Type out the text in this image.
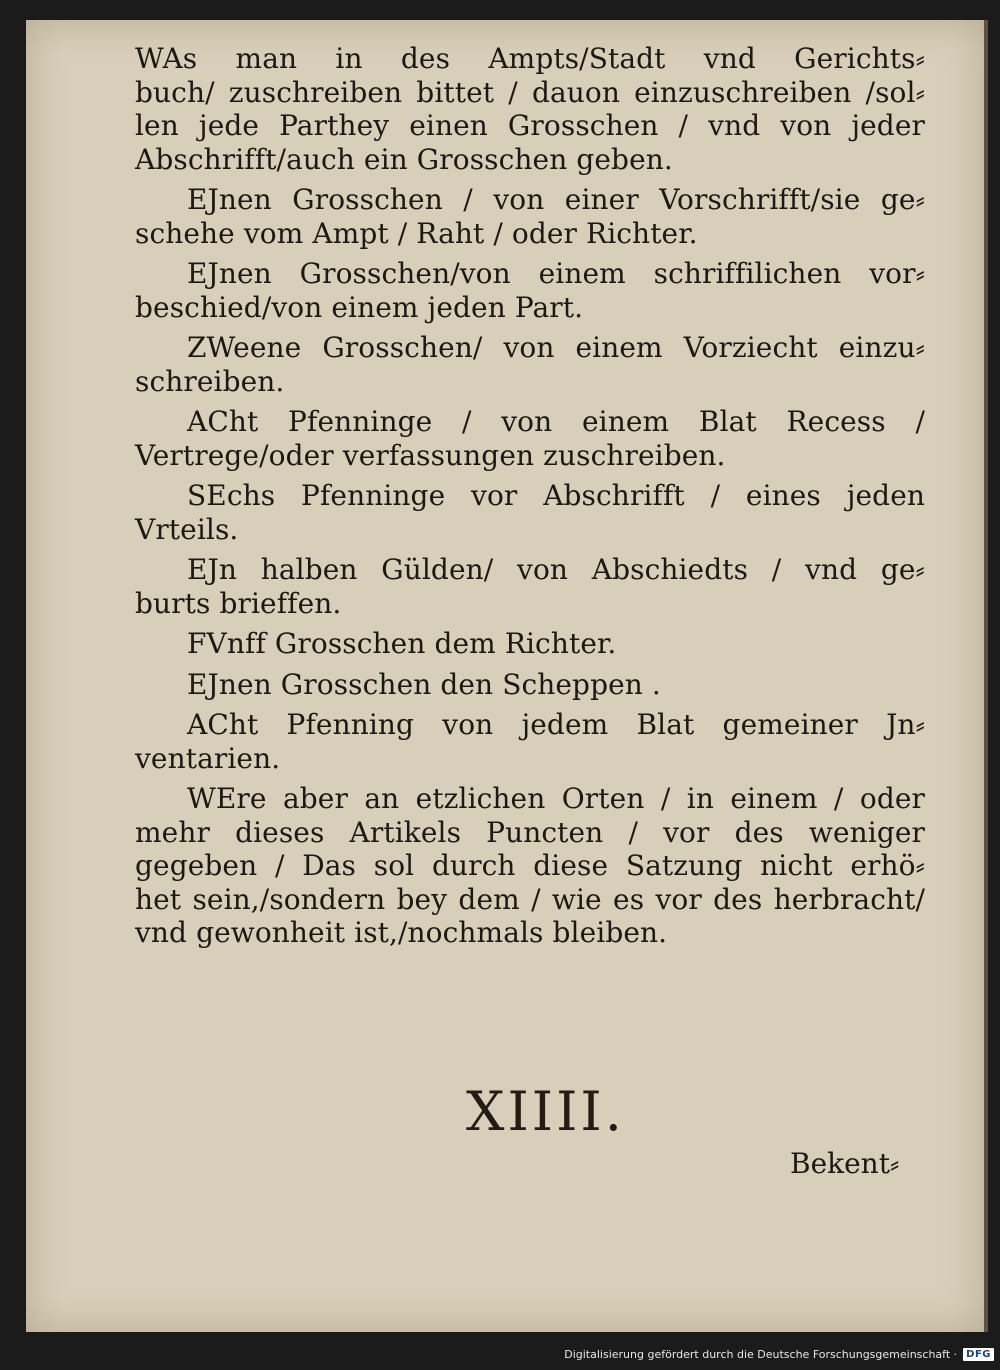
WAs man in des Ampts/Stadt vnd Gerichts⸗
buch/ zuschreiben bittet / dauon einzuschreiben /sol⸗
len jede Parthey einen Grosschen / vnd von jeder
Abschrifft/auch ein Grosschen geben.
EJnen Grosschen / von einer Vorschrifft/sie ge⸗
schehe vom Ampt / Raht / oder Richter.
EJnen Grosschen/von einem schriffilichen vor⸗
beschied/von einem jeden Part.
ZWeene Grosschen/ von einem Vorziecht einzu⸗
schreiben.
ACht Pfenninge / von einem Blat Recess /
Vertrege/oder verfassungen zuschreiben.
SEchs Pfenninge vor Abschrifft / eines jeden
Vrteils.
EJn halben Gülden/ von Abschiedts / vnd ge⸗
burts brieffen.
FVnff Grosschen dem Richter.
EJnen Grosschen den Scheppen .
ACht Pfenning von jedem Blat gemeiner Jn⸗
ventarien.
WEre aber an etzlichen Orten / in einem / oder
mehr dieses Artikels Puncten / vor des weniger
gegeben / Das sol durch diese Satzung nicht erhö⸗
het sein,/sondern bey dem / wie es vor des herbracht/
vnd gewonheit ist,/nochmals bleiben.
XIIII.
Bekent⸗
Digitalisierung gefördert durch die Deutsche Forschungsgemeinschaft · DFG
